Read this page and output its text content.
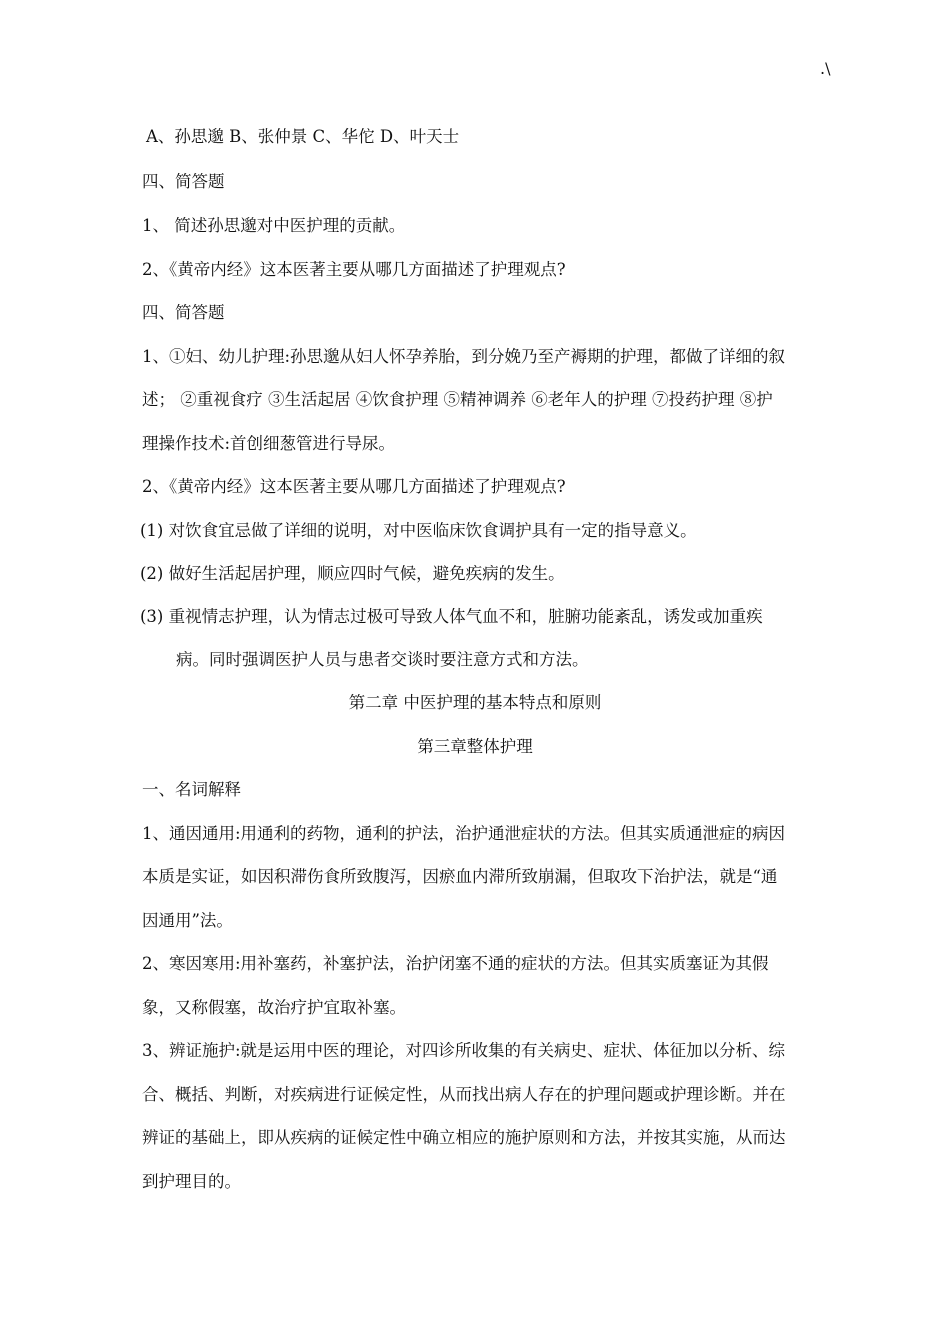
.\
A、孙思邈 B、张仲景 C、华佗 D、叶天士
四、简答题
1、 简述孙思邈对中医护理的贡献。
2、《黄帝内经》这本医著主要从哪几方面描述了护理观点?
四、简答题
1、①妇、幼儿护理:孙思邈从妇人怀孕养胎，到分娩乃至产褥期的护理，都做了详细的叙
述； ②重视食疗 ③生活起居 ④饮食护理 ⑤精神调养 ⑥老年人的护理 ⑦投药护理 ⑧护
理操作技术:首创细葱管进行导尿。
2、《黄帝内经》这本医著主要从哪几方面描述了护理观点?
(1) 对饮食宜忌做了详细的说明，对中医临床饮食调护具有一定的指导意义。
(2) 做好生活起居护理，顺应四时气候，避免疾病的发生。
(3) 重视情志护理，认为情志过极可导致人体气血不和，脏腑功能紊乱，诱发或加重疾
病。同时强调医护人员与患者交谈时要注意方式和方法。
第二章 中医护理的基本特点和原则
第三章整体护理
一、名词解释
1、通因通用:用通利的药物，通利的护法，治护通泄症状的方法。但其实质通泄症的病因
本质是实证，如因积滞伤食所致腹泻，因瘀血内滞所致崩漏，但取攻下治护法，就是“通
因通用”法。
2、寒因寒用:用补塞药，补塞护法，治护闭塞不通的症状的方法。但其实质塞证为其假
象，又称假塞，故治疗护宜取补塞。
3、辨证施护:就是运用中医的理论，对四诊所收集的有关病史、症状、体征加以分析、综
合、概括、判断，对疾病进行证候定性，从而找出病人存在的护理问题或护理诊断。并在
辨证的基础上，即从疾病的证候定性中确立相应的施护原则和方法，并按其实施，从而达
到护理目的。
